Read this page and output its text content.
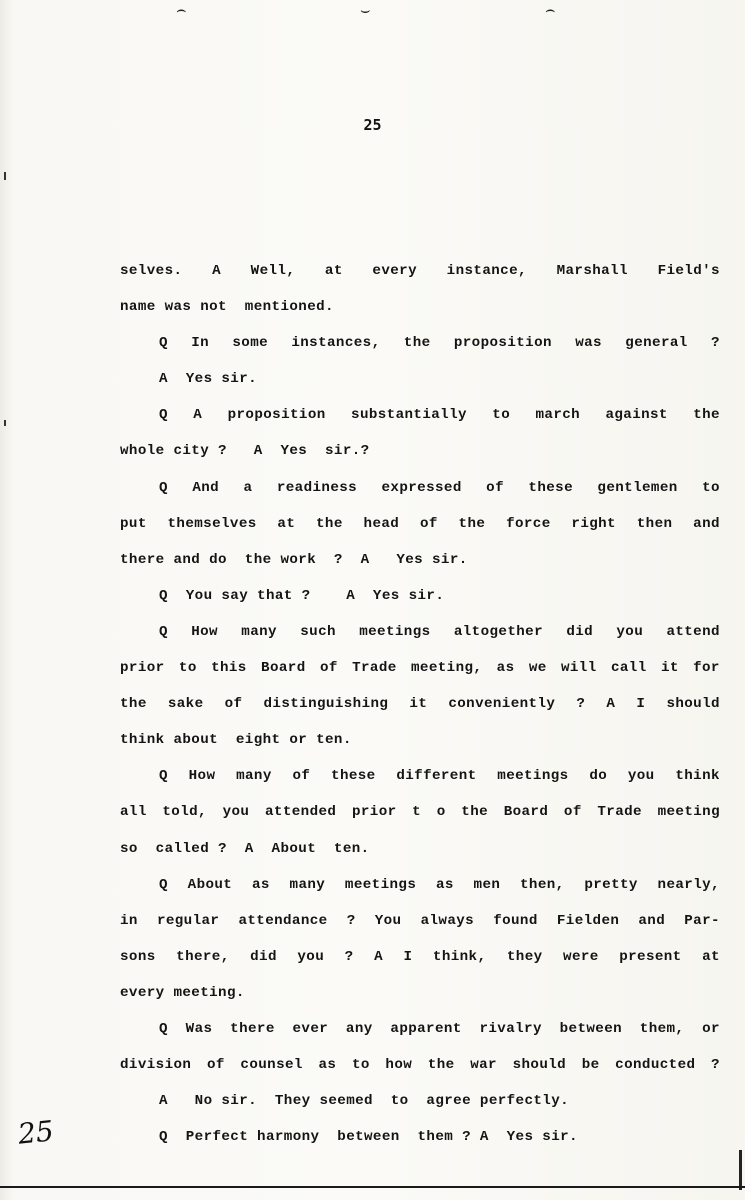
⌢	⌣	⌢
25
selves. A Well, at every instance, Marshall Field's
name was not  mentioned.
Q In some instances, the proposition was general ?
A  Yes sir.
Q A proposition substantially to march against the
whole city ?   A  Yes  sir.?
Q And a readiness expressed of these gentlemen to
put themselves at the head of the force right then and
there and do  the work  ?  A   Yes sir.
Q  You say that ?    A  Yes sir.
Q How many such meetings altogether did you attend
prior to this Board of Trade meeting, as we will call it for
the sake of distinguishing it conveniently ? A I should
think about  eight or ten.
Q How many of these different meetings do you think
all told, you attended prior t o the Board of Trade meeting
so  called ?  A  About  ten.
Q About as many meetings as men then, pretty nearly,
in regular attendance ? You always found Fielden and Par-
sons there, did you ? A I think, they were present at
every meeting.
Q Was there ever any apparent rivalry between them, or
division of counsel as to how the war should be conducted ?
A   No sir.  They seemed  to  agree perfectly.
Q  Perfect harmony  between  them ? A  Yes sir.
25
